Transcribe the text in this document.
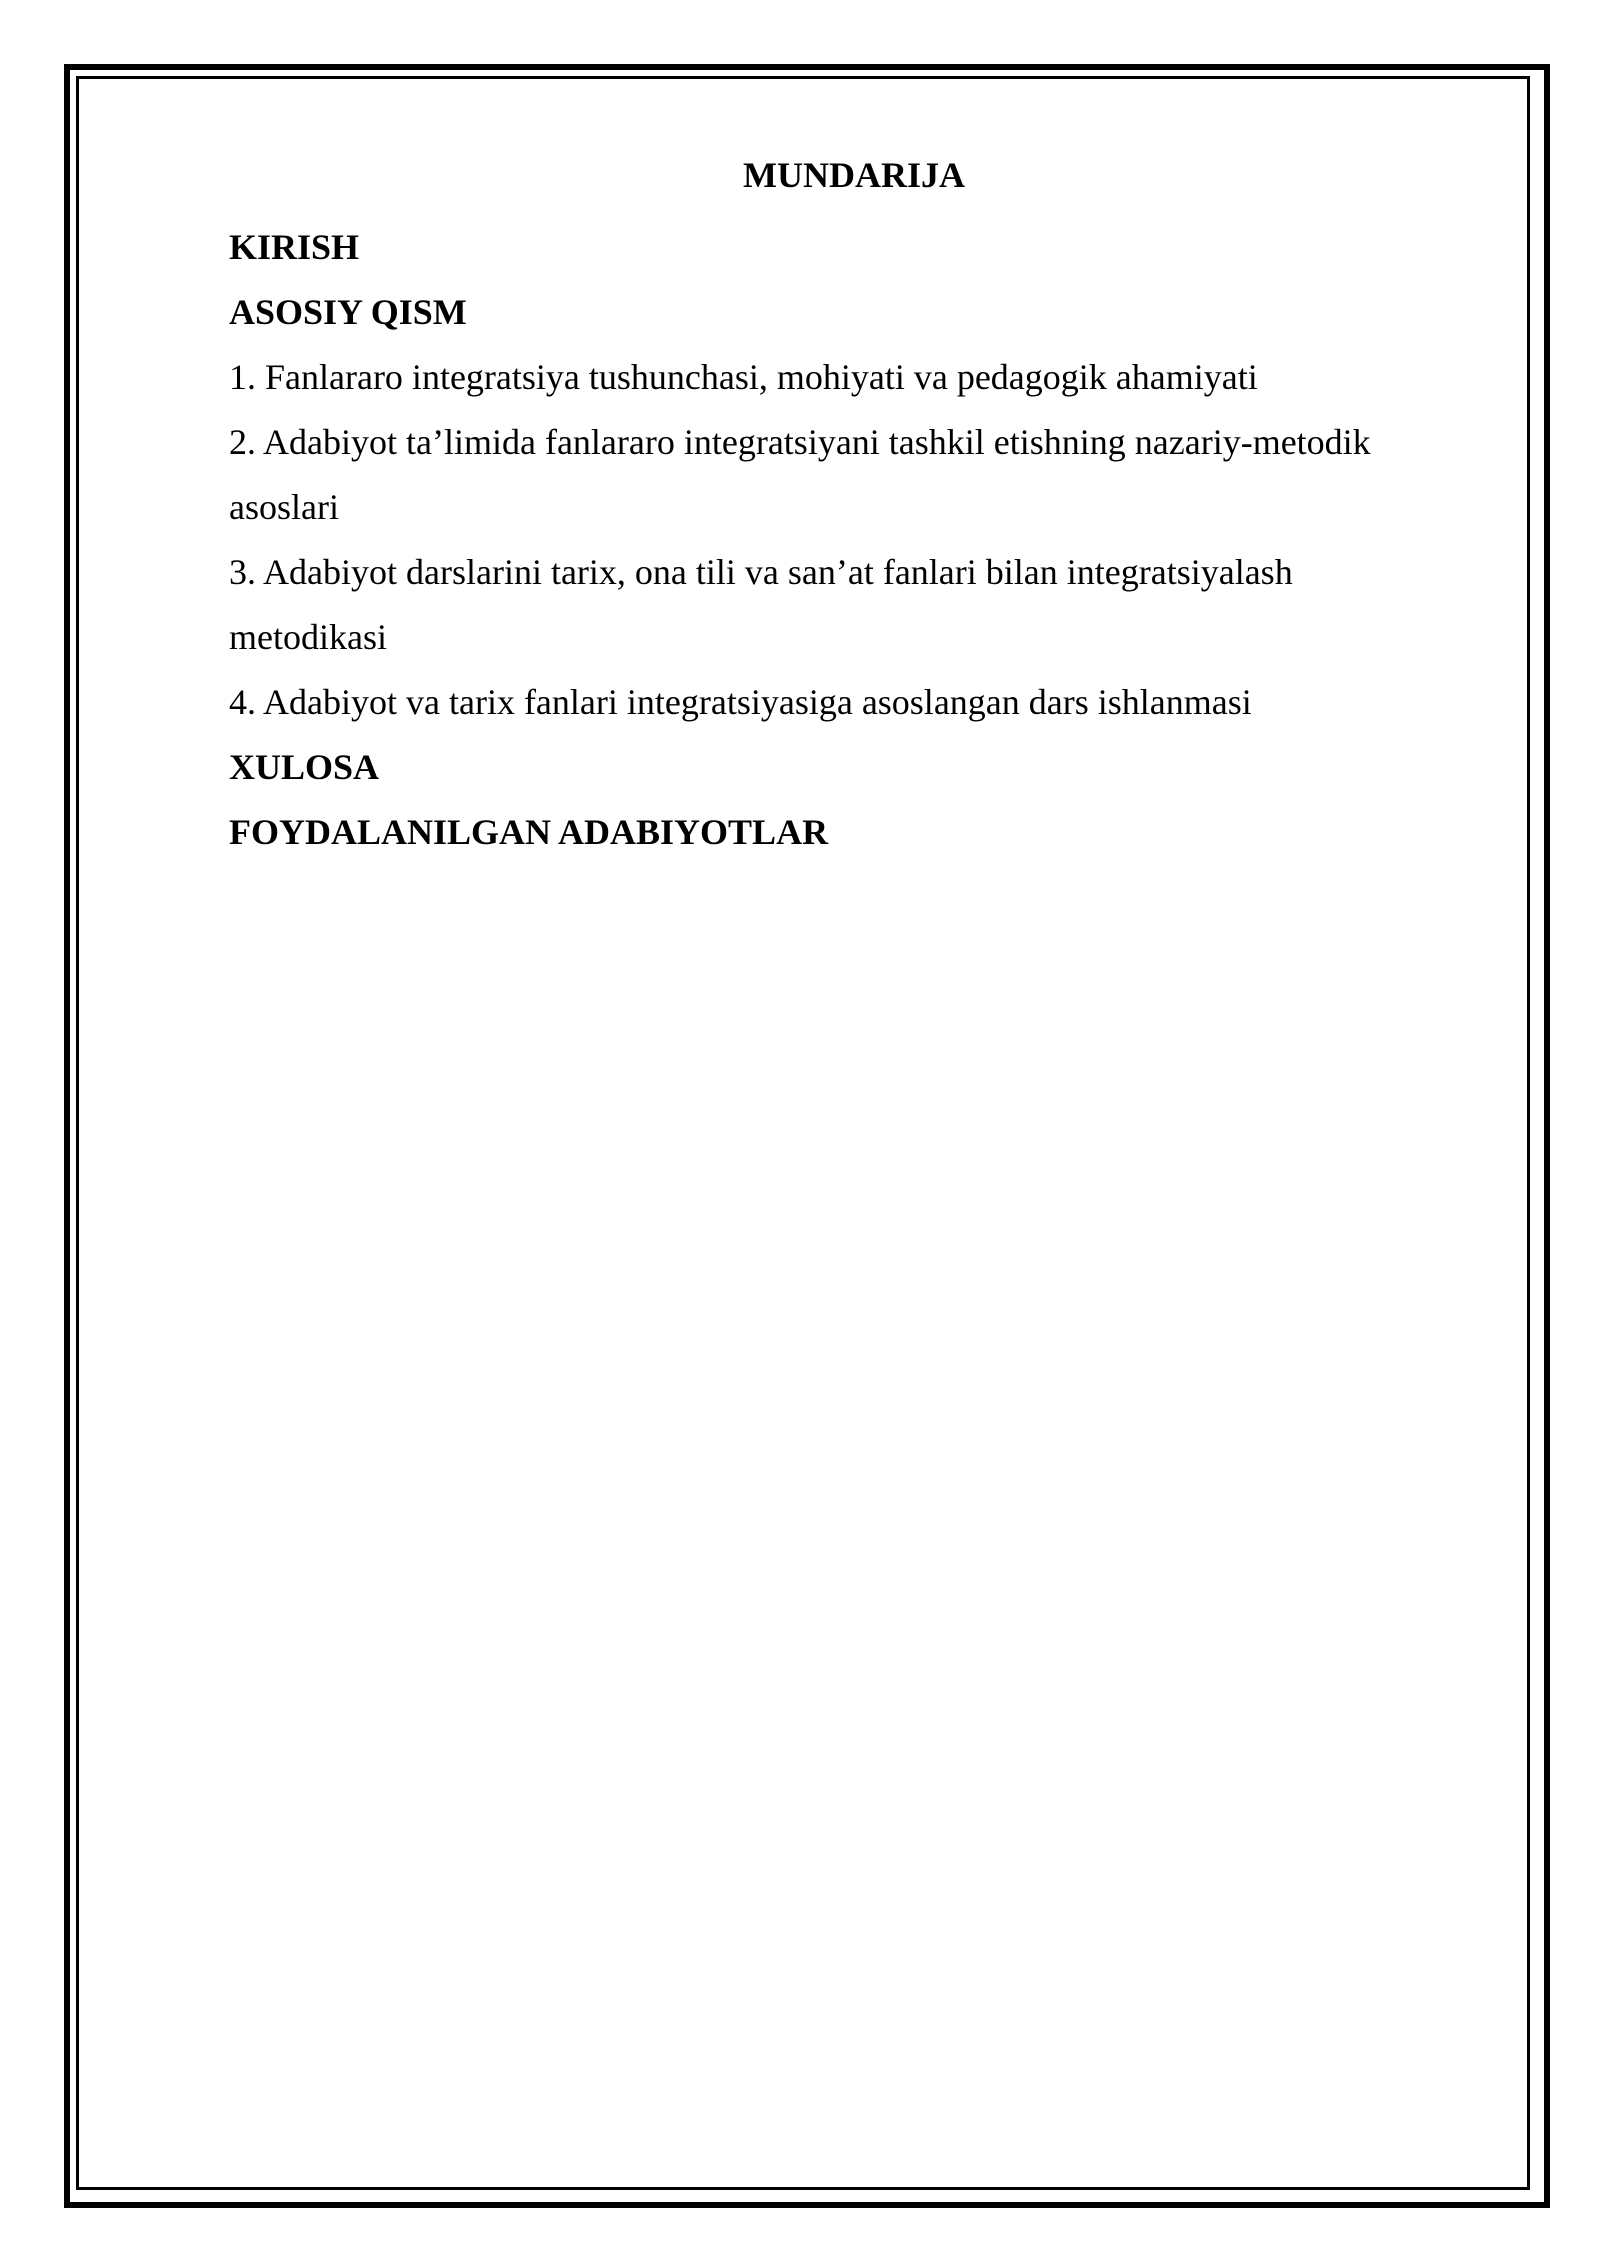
MUNDARIJA
KIRISH
ASOSIY QISM
1. Fanlararo integratsiya tushunchasi, mohiyati va pedagogik ahamiyati
2. Adabiyot ta’limida fanlararo integratsiyani tashkil etishning nazariy-metodik
asoslari
3. Adabiyot darslarini tarix, ona tili va san’at fanlari bilan integratsiyalash
metodikasi
4. Adabiyot va tarix fanlari integratsiyasiga asoslangan dars ishlanmasi
XULOSA
FOYDALANILGAN ADABIYOTLAR
